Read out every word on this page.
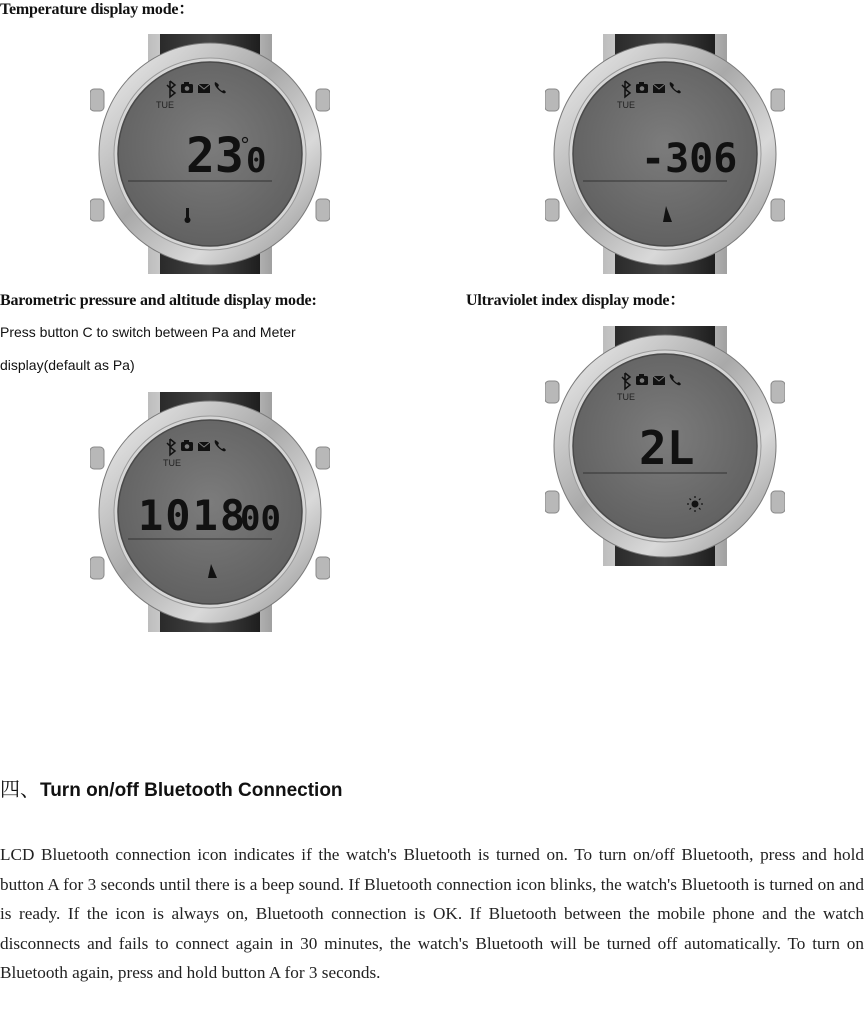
Temperature display mode：
Barometric pressure and altitude display mode:	Ultraviolet index display mode：
Press button C to switch between Pa and Meter
display(default as Pa)
TUE
23 0
TUE
-306
TUE
1018
00
TUE
2L
四、Turn on/off Bluetooth Connection
LCD Bluetooth connection icon indicates if the watch's Bluetooth is turned on. To turn on/off Bluetooth, press and hold button A for 3 seconds until there is a beep sound. If Bluetooth connection icon blinks, the watch's Bluetooth is turned on and is ready. If the icon is always on, Bluetooth connection is OK. If Bluetooth between the mobile phone and the watch disconnects and fails to connect again in 30 minutes, the watch's Bluetooth will be turned off automatically. To turn on Bluetooth again, press and hold button A for 3 seconds.
